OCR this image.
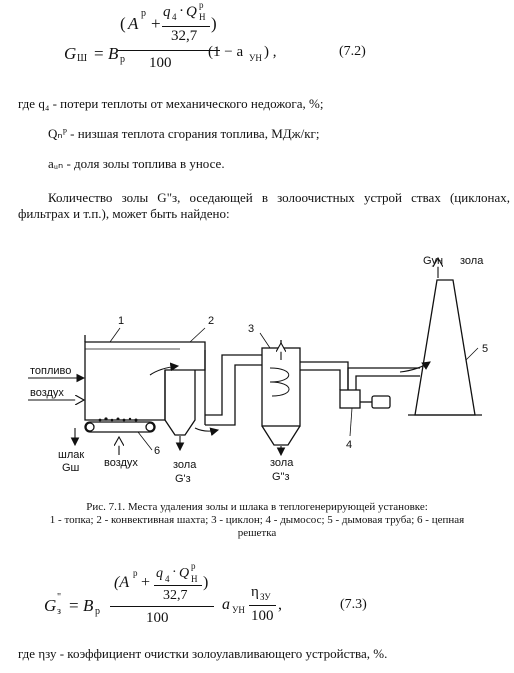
G Ш = B p
( A
p
+
q 4 · Q p
H
32,7
)
100
(1 − a УН ) ,	(7.2)
где q₄ - потери теплоты от механического недожога, %;
Qₙᴾ - низшая теплота сгорания топлива, МДж/кг;
aᵤₙ - доля золы топлива в уносе.
Количество золы G"з, оседающей в золоочистных устрой ствах (циклонах, фильтрах и т.п.), может быть найдено:
1	2
3
4
5
6
топливо
воздух
шлак
Gш воздух	зола
G'з
зола
G"з
Gун зола
Рис. 7.1. Места удаления золы и шлака в теплогенерирующей установке:
1 - топка; 2 - конвективная шахта; 3 - циклон; 4 - дымосос; 5 - дымовая труба; 6 - цепная
решетка
G "
з = B p
(A
p
+
q 4 · Q p
H
32,7
)
100
a УН
η ЗУ
100
,	(7.3)
где ηзу - коэффициент очистки золоулавливающего устройства, %.
